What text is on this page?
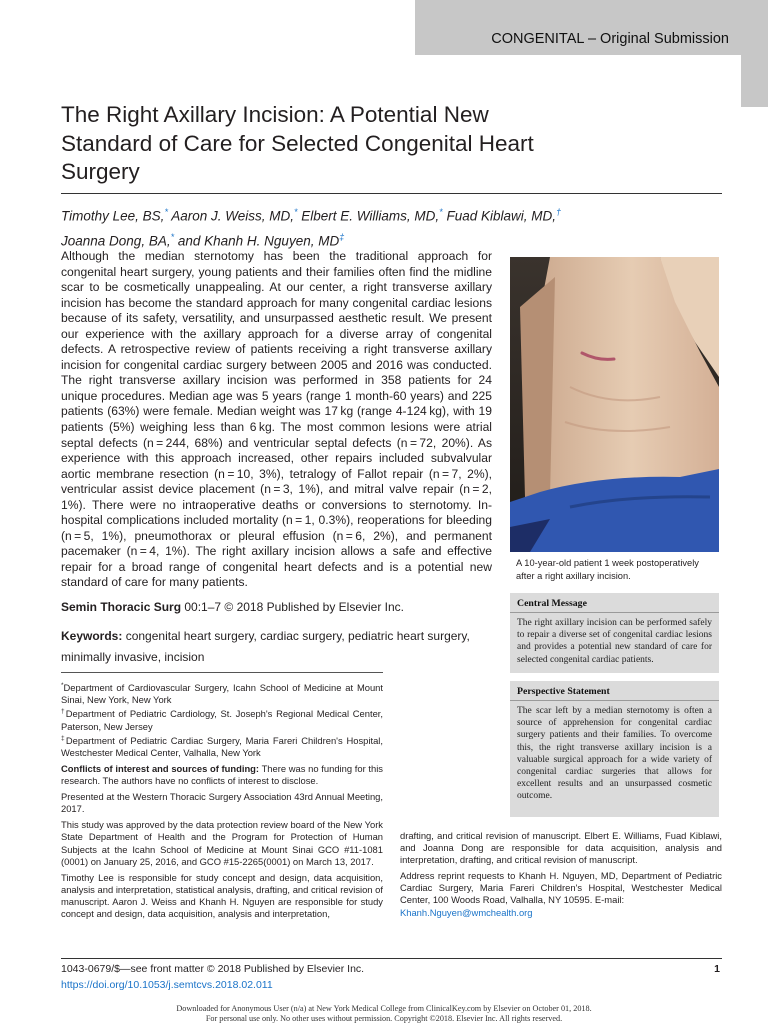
CONGENITAL – Original Submission
The Right Axillary Incision: A Potential New Standard of Care for Selected Congenital Heart Surgery
Timothy Lee, BS,* Aaron J. Weiss, MD,* Elbert E. Williams, MD,* Fuad Kiblawi, MD,†
Joanna Dong, BA,* and Khanh H. Nguyen, MD‡

Although the median sternotomy has been the traditional approach for congenital heart surgery, young patients and their families often find the midline scar to be cosmetically unappealing. At our center, a right transverse axillary incision has become the standard approach for many congenital cardiac lesions because of its safety, versatility, and unsurpassed aesthetic result. We present our experience with the axillary approach for a diverse array of congenital defects. A retrospective review of patients receiving a right transverse axillary incision for congenital cardiac surgery between 2005 and 2016 was conducted. The right transverse axillary incision was performed in 358 patients for 24 unique procedures. Median age was 5 years (range 1 month-60 years) and 225 patients (63%) were female. Median weight was 17 kg (range 4-124 kg), with 19 patients (5%) weighing less than 6 kg. The most common lesions were atrial septal defects (n = 244, 68%) and ventricular septal defects (n = 72, 20%). As experience with this approach increased, other repairs included subvalvular aortic membrane resection (n = 10, 3%), tetralogy of Fallot repair (n = 7, 2%), ventricular assist device placement (n = 3, 1%), and mitral valve repair (n = 2, 1%). There were no intraoperative deaths or conversions to sternotomy. In-hospital complications included mortality (n = 1, 0.3%), reoperations for bleeding (n = 5, 1%), pneumothorax or pleural effusion (n = 6, 2%), and permanent pacemaker (n = 4, 1%). The right axillary incision allows a safe and effective repair for a broad range of congenital heart defects and is a potential new standard of care for many patients.

Semin Thoracic Surg 00:1–7 © 2018 Published by Elsevier Inc.
Keywords: congenital heart surgery, cardiac surgery, pediatric heart surgery, minimally invasive, incision

*Department of Cardiovascular Surgery, Icahn School of Medicine at Mount Sinai, New York, New York

†Department of Pediatric Cardiology, St. Joseph's Regional Medical Center, Paterson, New Jersey

‡Department of Pediatric Cardiac Surgery, Maria Fareri Children's Hospital, Westchester Medical Center, Valhalla, New York

Conflicts of interest and sources of funding: There was no funding for this research. The authors have no conflicts of interest to disclose.

Presented at the Western Thoracic Surgery Association 43rd Annual Meeting, 2017.

This study was approved by the data protection review board of the New York State Department of Health and the Program for Protection of Human Subjects at the Icahn School of Medicine at Mount Sinai GCO #11-1081 (0001) on January 25, 2016, and GCO #15-2265(0001) on March 13, 2017.

Timothy Lee is responsible for study concept and design, data acquisition, analysis and interpretation, statistical analysis, drafting, and critical revision of manuscript. Aaron J. Weiss and Khanh H. Nguyen are responsible for study concept and design, data acquisition, analysis and interpretation,

drafting, and critical revision of manuscript. Elbert E. Williams, Fuad Kiblawi, and Joanna Dong are responsible for data acquisition, analysis and interpretation, drafting, and critical revision of manuscript.

Address reprint requests to Khanh H. Nguyen, MD, Department of Pediatric Cardiac Surgery, Maria Fareri Children's Hospital, Westchester Medical Center, 100 Woods Road, Valhalla, NY 10595. E-mail:
Khanh.Nguyen@wmchealth.org

A 10-year-old patient 1 week postoperatively after a right axillary incision.

Central Message
The right axillary incision can be performed safely to repair a diverse set of congenital cardiac lesions and provides a potential new standard of care for selected congenital cardiac patients.
Perspective Statement
The scar left by a median sternotomy is often a source of apprehension for congenital cardiac surgery patients and their families. To overcome this, the right transverse axillary incision is a valuable surgical approach for a wide variety of congenital cardiac surgeries that allows for excellent results and an unsurpassed cosmetic outcome.
1043-0679/$—see front matter © 2018 Published by Elsevier Inc.
https://doi.org/10.1053/j.semtcvs.2018.02.011
1
Downloaded for Anonymous User (n/a) at New York Medical College from ClinicalKey.com by Elsevier on October 01, 2018.
For personal use only. No other uses without permission. Copyright ©2018. Elsevier Inc. All rights reserved.
